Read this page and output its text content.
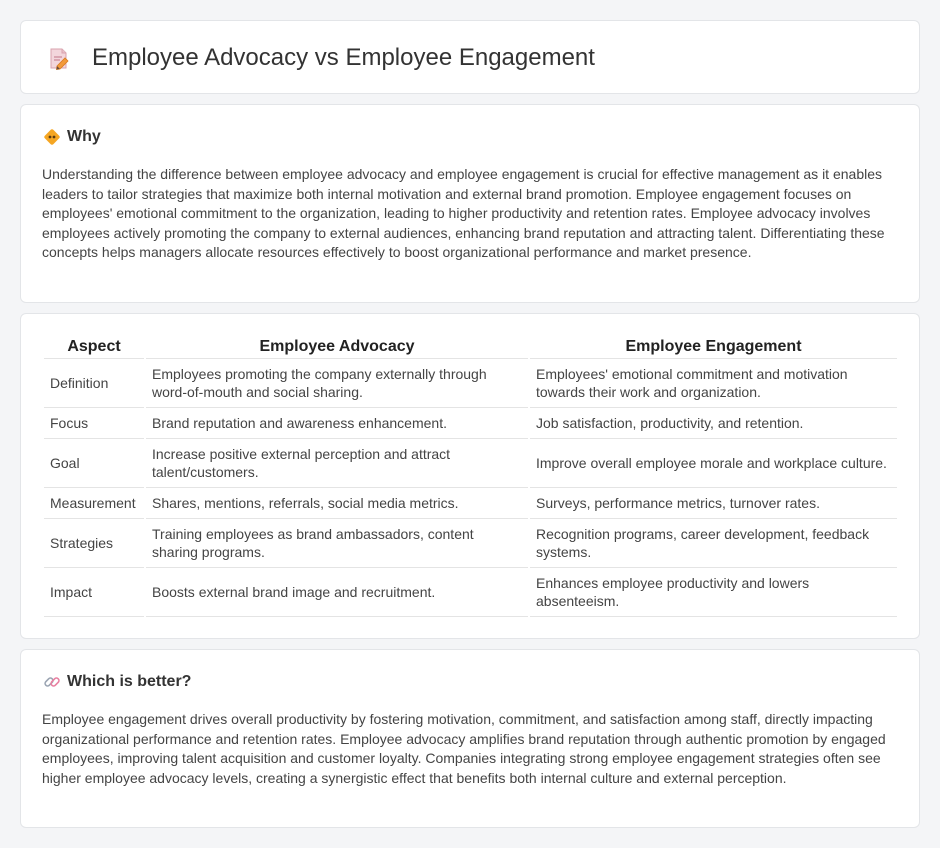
Employee Advocacy vs Employee Engagement
Why

Understanding the difference between employee advocacy and employee engagement is crucial for effective management as it enables leaders to tailor strategies that maximize both internal motivation and external brand promotion. Employee engagement focuses on employees' emotional commitment to the organization, leading to higher productivity and retention rates. Employee advocacy involves employees actively promoting the company to external audiences, enhancing brand reputation and attracting talent. Differentiating these concepts helps managers allocate resources effectively to boost organizational performance and market presence.

Aspect	Employee Advocacy	Employee Engagement
Definition	Employees promoting the company externally through word-of-mouth and social sharing.	Employees' emotional commitment and motivation towards their work and organization.
Focus	Brand reputation and awareness enhancement.	Job satisfaction, productivity, and retention.
Goal	Increase positive external perception and attract talent/customers.	Improve overall employee morale and workplace culture.
Measurement	Shares, mentions, referrals, social media metrics.	Surveys, performance metrics, turnover rates.
Strategies	Training employees as brand ambassadors, content sharing programs.	Recognition programs, career development, feedback systems.
Impact	Boosts external brand image and recruitment.	Enhances employee productivity and lowers absenteeism.
Which is better?

Employee engagement drives overall productivity by fostering motivation, commitment, and satisfaction among staff, directly impacting organizational performance and retention rates. Employee advocacy amplifies brand reputation through authentic promotion by engaged employees, improving talent acquisition and customer loyalty. Companies integrating strong employee engagement strategies often see higher employee advocacy levels, creating a synergistic effect that benefits both internal culture and external perception.
